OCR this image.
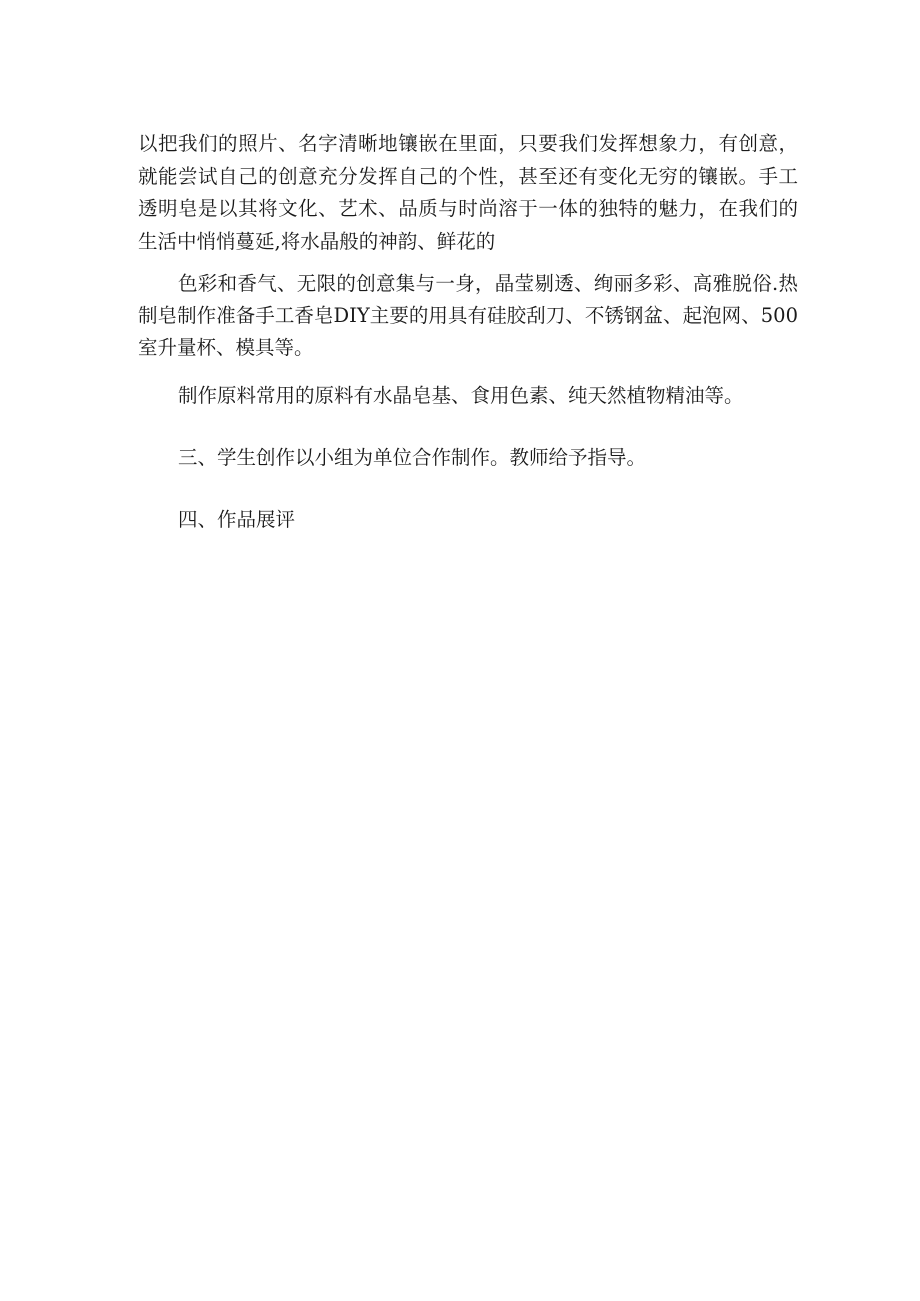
以把我们的照片、名字清晰地镶嵌在里面，只要我们发挥想象力，有创意，就能尝试自己的创意充分发挥自己的个性，甚至还有变化无穷的镶嵌。手工透明皂是以其将文化、艺术、品质与时尚溶于一体的独特的魅力，在我们的生活中悄悄蔓延,将水晶般的神韵、鲜花的

色彩和香气、无限的创意集与一身，晶莹剔透、绚丽多彩、高雅脱俗.热制皂制作准备手工香皂DIY主要的用具有硅胶刮刀、不锈钢盆、起泡网、500室升量杯、模具等。

制作原料常用的原料有水晶皂基、食用色素、纯天然植物精油等。

三、学生创作以小组为单位合作制作。教师给予指导。

四、作品展评
